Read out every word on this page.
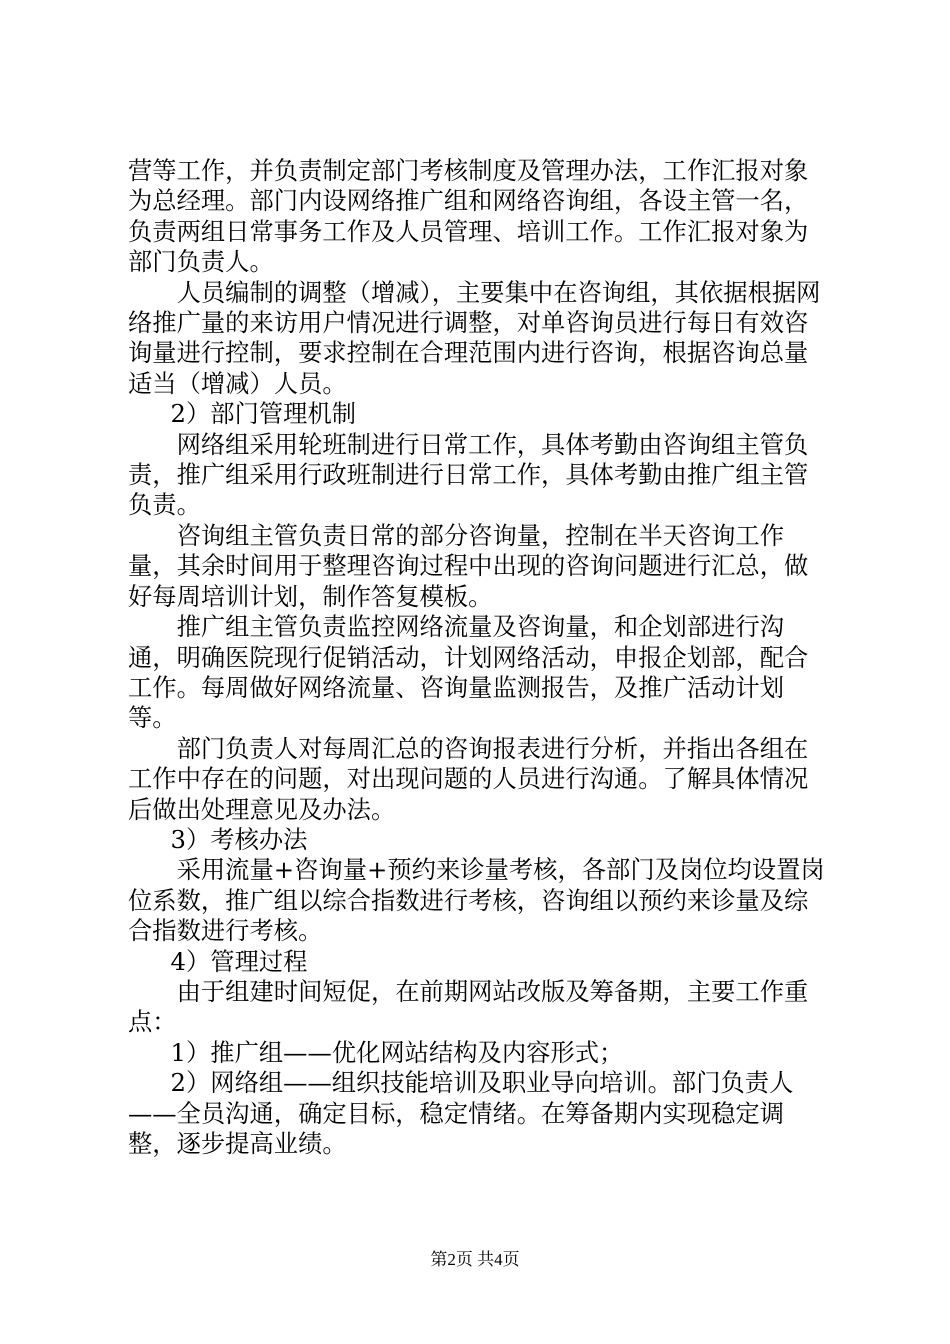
营等工作，并负责制定部门考核制度及管理办法，工作汇报对象为总经理。部门内设网络推广组和网络咨询组，各设主管一名，负责两组日常事务工作及人员管理、培训工作。工作汇报对象为部门负责人。

人员编制的调整（增减），主要集中在咨询组，其依据根据网络推广量的来访用户情况进行调整，对单咨询员进行每日有效咨询量进行控制，要求控制在合理范围内进行咨询，根据咨询总量适当（增减）人员。

2）部门管理机制

网络组采用轮班制进行日常工作，具体考勤由咨询组主管负责，推广组采用行政班制进行日常工作，具体考勤由推广组主管负责。

咨询组主管负责日常的部分咨询量，控制在半天咨询工作量，其余时间用于整理咨询过程中出现的咨询问题进行汇总，做好每周培训计划，制作答复模板。

推广组主管负责监控网络流量及咨询量，和企划部进行沟通，明确医院现行促销活动，计划网络活动，申报企划部，配合工作。每周做好网络流量、咨询量监测报告，及推广活动计划等。

部门负责人对每周汇总的咨询报表进行分析，并指出各组在工作中存在的问题，对出现问题的人员进行沟通。了解具体情况后做出处理意见及办法。

3）考核办法

采用流量+咨询量+预约来诊量考核，各部门及岗位均设置岗位系数，推广组以综合指数进行考核，咨询组以预约来诊量及综合指数进行考核。

4）管理过程

由于组建时间短促，在前期网站改版及筹备期，主要工作重点：

1）推广组——优化网站结构及内容形式；

2）网络组——组织技能培训及职业导向培训。部门负责人——全员沟通，确定目标，稳定情绪。在筹备期内实现稳定调整，逐步提高业绩。

第2页 共4页
